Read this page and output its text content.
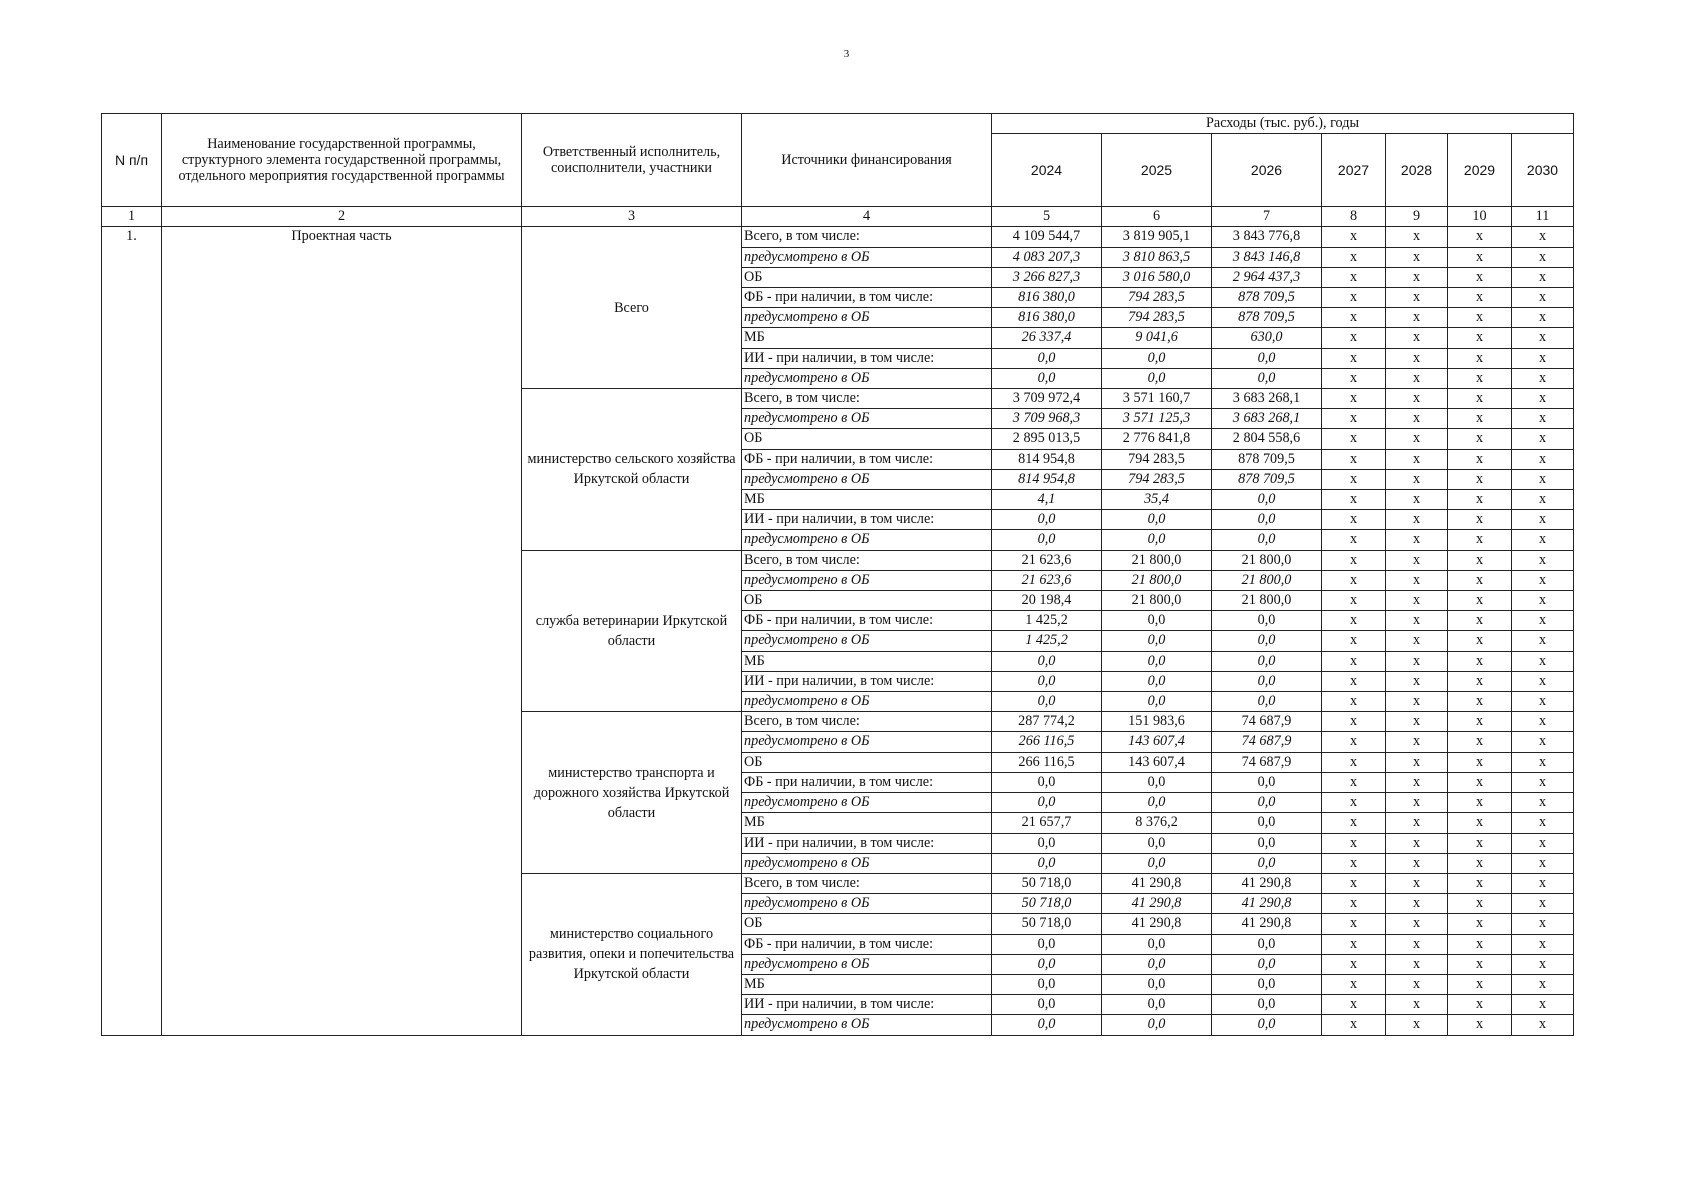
3
N п/п	Наименование государственной программы, структурного элемента государственной программы, отдельного мероприятия государственной программы	Ответственный исполнитель, соисполнители, участники	Источники финансирования	Расходы (тыс. руб.), годы						
				2024	2025	2026	2027	2028	2029	2030
1	2	3	4	5	6	7	8	9	10	11
1.	Проектная часть	Всего	Всего, в том числе:	4 109 544,7	3 819 905,1	3 843 776,8	x	x	x	x
			предусмотрено в ОБ	4 083 207,3	3 810 863,5	3 843 146,8	x	x	x	x
			ОБ	3 266 827,3	3 016 580,0	2 964 437,3	x	x	x	x
			ФБ - при наличии, в том числе:	816 380,0	794 283,5	878 709,5	x	x	x	x
			предусмотрено в ОБ	816 380,0	794 283,5	878 709,5	x	x	x	x
			МБ	26 337,4	9 041,6	630,0	x	x	x	x
			ИИ - при наличии, в том числе:	0,0	0,0	0,0	x	x	x	x
			предусмотрено в ОБ	0,0	0,0	0,0	x	x	x	x
		министерство сельского хозяйства Иркутской области	Всего, в том числе:	3 709 972,4	3 571 160,7	3 683 268,1	x	x	x	x
			предусмотрено в ОБ	3 709 968,3	3 571 125,3	3 683 268,1	x	x	x	x
			ОБ	2 895 013,5	2 776 841,8	2 804 558,6	x	x	x	x
			ФБ - при наличии, в том числе:	814 954,8	794 283,5	878 709,5	x	x	x	x
			предусмотрено в ОБ	814 954,8	794 283,5	878 709,5	x	x	x	x
			МБ	4,1	35,4	0,0	x	x	x	x
			ИИ - при наличии, в том числе:	0,0	0,0	0,0	x	x	x	x
			предусмотрено в ОБ	0,0	0,0	0,0	x	x	x	x
		служба ветеринарии Иркутской области	Всего, в том числе:	21 623,6	21 800,0	21 800,0	x	x	x	x
			предусмотрено в ОБ	21 623,6	21 800,0	21 800,0	x	x	x	x
			ОБ	20 198,4	21 800,0	21 800,0	x	x	x	x
			ФБ - при наличии, в том числе:	1 425,2	0,0	0,0	x	x	x	x
			предусмотрено в ОБ	1 425,2	0,0	0,0	x	x	x	x
			МБ	0,0	0,0	0,0	x	x	x	x
			ИИ - при наличии, в том числе:	0,0	0,0	0,0	x	x	x	x
			предусмотрено в ОБ	0,0	0,0	0,0	x	x	x	x
		министерство транспорта и дорожного хозяйства Иркутской области	Всего, в том числе:	287 774,2	151 983,6	74 687,9	x	x	x	x
			предусмотрено в ОБ	266 116,5	143 607,4	74 687,9	x	x	x	x
			ОБ	266 116,5	143 607,4	74 687,9	x	x	x	x
			ФБ - при наличии, в том числе:	0,0	0,0	0,0	x	x	x	x
			предусмотрено в ОБ	0,0	0,0	0,0	x	x	x	x
			МБ	21 657,7	8 376,2	0,0	x	x	x	x
			ИИ - при наличии, в том числе:	0,0	0,0	0,0	x	x	x	x
			предусмотрено в ОБ	0,0	0,0	0,0	x	x	x	x
		министерство социального развития, опеки и попечительства Иркутской области	Всего, в том числе:	50 718,0	41 290,8	41 290,8	x	x	x	x
			предусмотрено в ОБ	50 718,0	41 290,8	41 290,8	x	x	x	x
			ОБ	50 718,0	41 290,8	41 290,8	x	x	x	x
			ФБ - при наличии, в том числе:	0,0	0,0	0,0	x	x	x	x
			предусмотрено в ОБ	0,0	0,0	0,0	x	x	x	x
			МБ	0,0	0,0	0,0	x	x	x	x
			ИИ - при наличии, в том числе:	0,0	0,0	0,0	x	x	x	x
			предусмотрено в ОБ	0,0	0,0	0,0	x	x	x	x
